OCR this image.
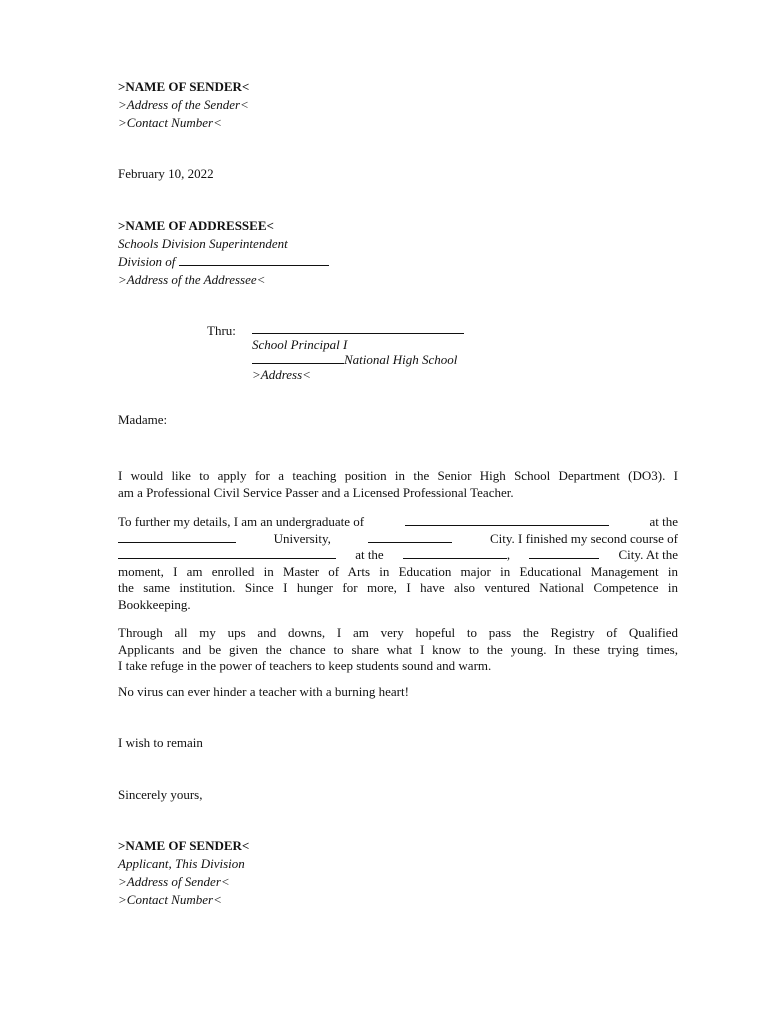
>NAME OF SENDER<
>Address of the Sender<
>Contact Number<
February 10, 2022
>NAME OF ADDRESSEE<
Schools Division Superintendent
Division of
>Address of the Addressee<
Thru:
School Principal I
National High School
>Address<
Madame:
I would like to apply for a teaching position in the Senior High School Department (DO3). I
am a Professional Civil Service Passer and a Licensed Professional Teacher.
To further my details, I am an undergraduate of	at the
University,	City. I finished my second course of
at the	,	City. At the
moment, I am enrolled in Master of Arts in Education major in Educational Management in
the same institution. Since I hunger for more, I have also ventured National Competence in
Bookkeeping.
Through all my ups and downs, I am very hopeful to pass the Registry of Qualified
Applicants and be given the chance to share what I know to the young. In these trying times,
I take refuge in the power of teachers to keep students sound and warm.
No virus can ever hinder a teacher with a burning heart!
I wish to remain
Sincerely yours,
>NAME OF SENDER<
Applicant, This Division
>Address of Sender<
>Contact Number<
